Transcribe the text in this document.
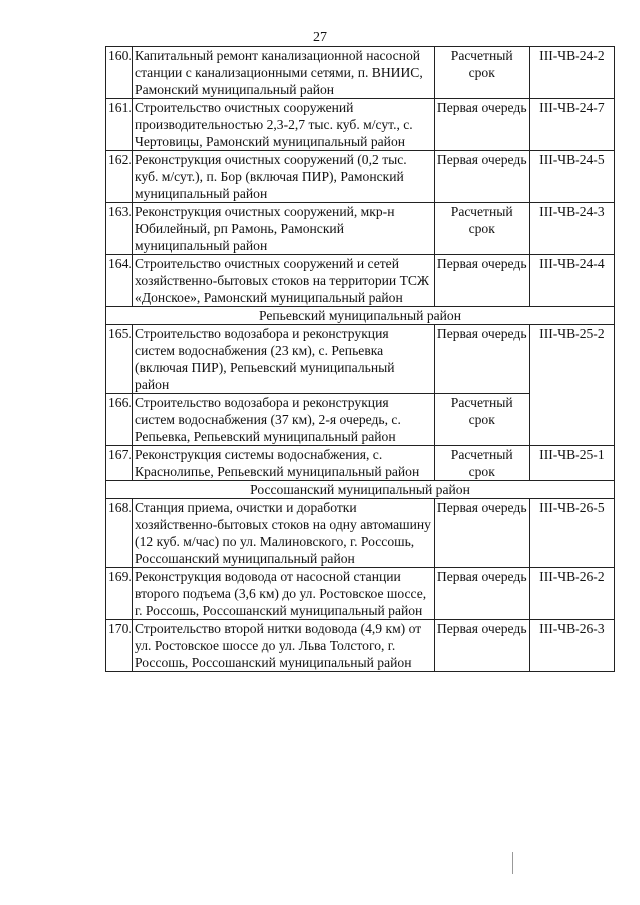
27
160.	Капитальный ремонт канализационной насосной станции с канализационными сетями, п. ВНИИС, Рамонский муниципальный район	Расчетный срок	III-ЧВ-24-2
161.	Строительство очистных сооружений производительностью 2,3-2,7 тыс. куб. м/сут., с. Чертовицы, Рамонский муниципальный район	Первая очередь	III-ЧВ-24-7
162.	Реконструкция очистных сооружений (0,2 тыс. куб. м/сут.), п. Бор (включая ПИР), Рамонский муниципальный район	Первая очередь	III-ЧВ-24-5
163.	Реконструкция очистных сооружений, мкр-н Юбилейный, рп Рамонь, Рамонский муниципальный район	Расчетный срок	III-ЧВ-24-3
164.	Строительство очистных сооружений и сетей хозяйственно-бытовых стоков на территории ТСЖ «Донское», Рамонский муниципальный район	Первая очередь	III-ЧВ-24-4
Репьевский муниципальный район			
165.	Строительство водозабора и реконструкция систем водоснабжения (23 км), с. Репьевка (включая ПИР), Репьевский муниципальный район	Первая очередь	III-ЧВ-25-2
166.	Строительство водозабора и реконструкция систем водоснабжения (37 км), 2-я очередь, с. Репьевка, Репьевский муниципальный район	Расчетный срок	
167.	Реконструкция системы водоснабжения, с. Краснолипье, Репьевский муниципальный район	Расчетный срок	III-ЧВ-25-1
Россошанский муниципальный район			
168.	Станция приема, очистки и доработки хозяйственно-бытовых стоков на одну автомашину (12 куб. м/час) по ул. Малиновского, г. Россошь, Россошанский муниципальный район	Первая очередь	III-ЧВ-26-5
169.	Реконструкция водовода от насосной станции второго подъема (3,6 км) до ул. Ростовское шоссе, г. Россошь, Россошанский муниципальный район	Первая очередь	III-ЧВ-26-2
170.	Строительство второй нитки водовода (4,9 км) от ул. Ростовское шоссе до ул. Льва Толстого, г. Россошь, Россошанский муниципальный район	Первая очередь	III-ЧВ-26-3
